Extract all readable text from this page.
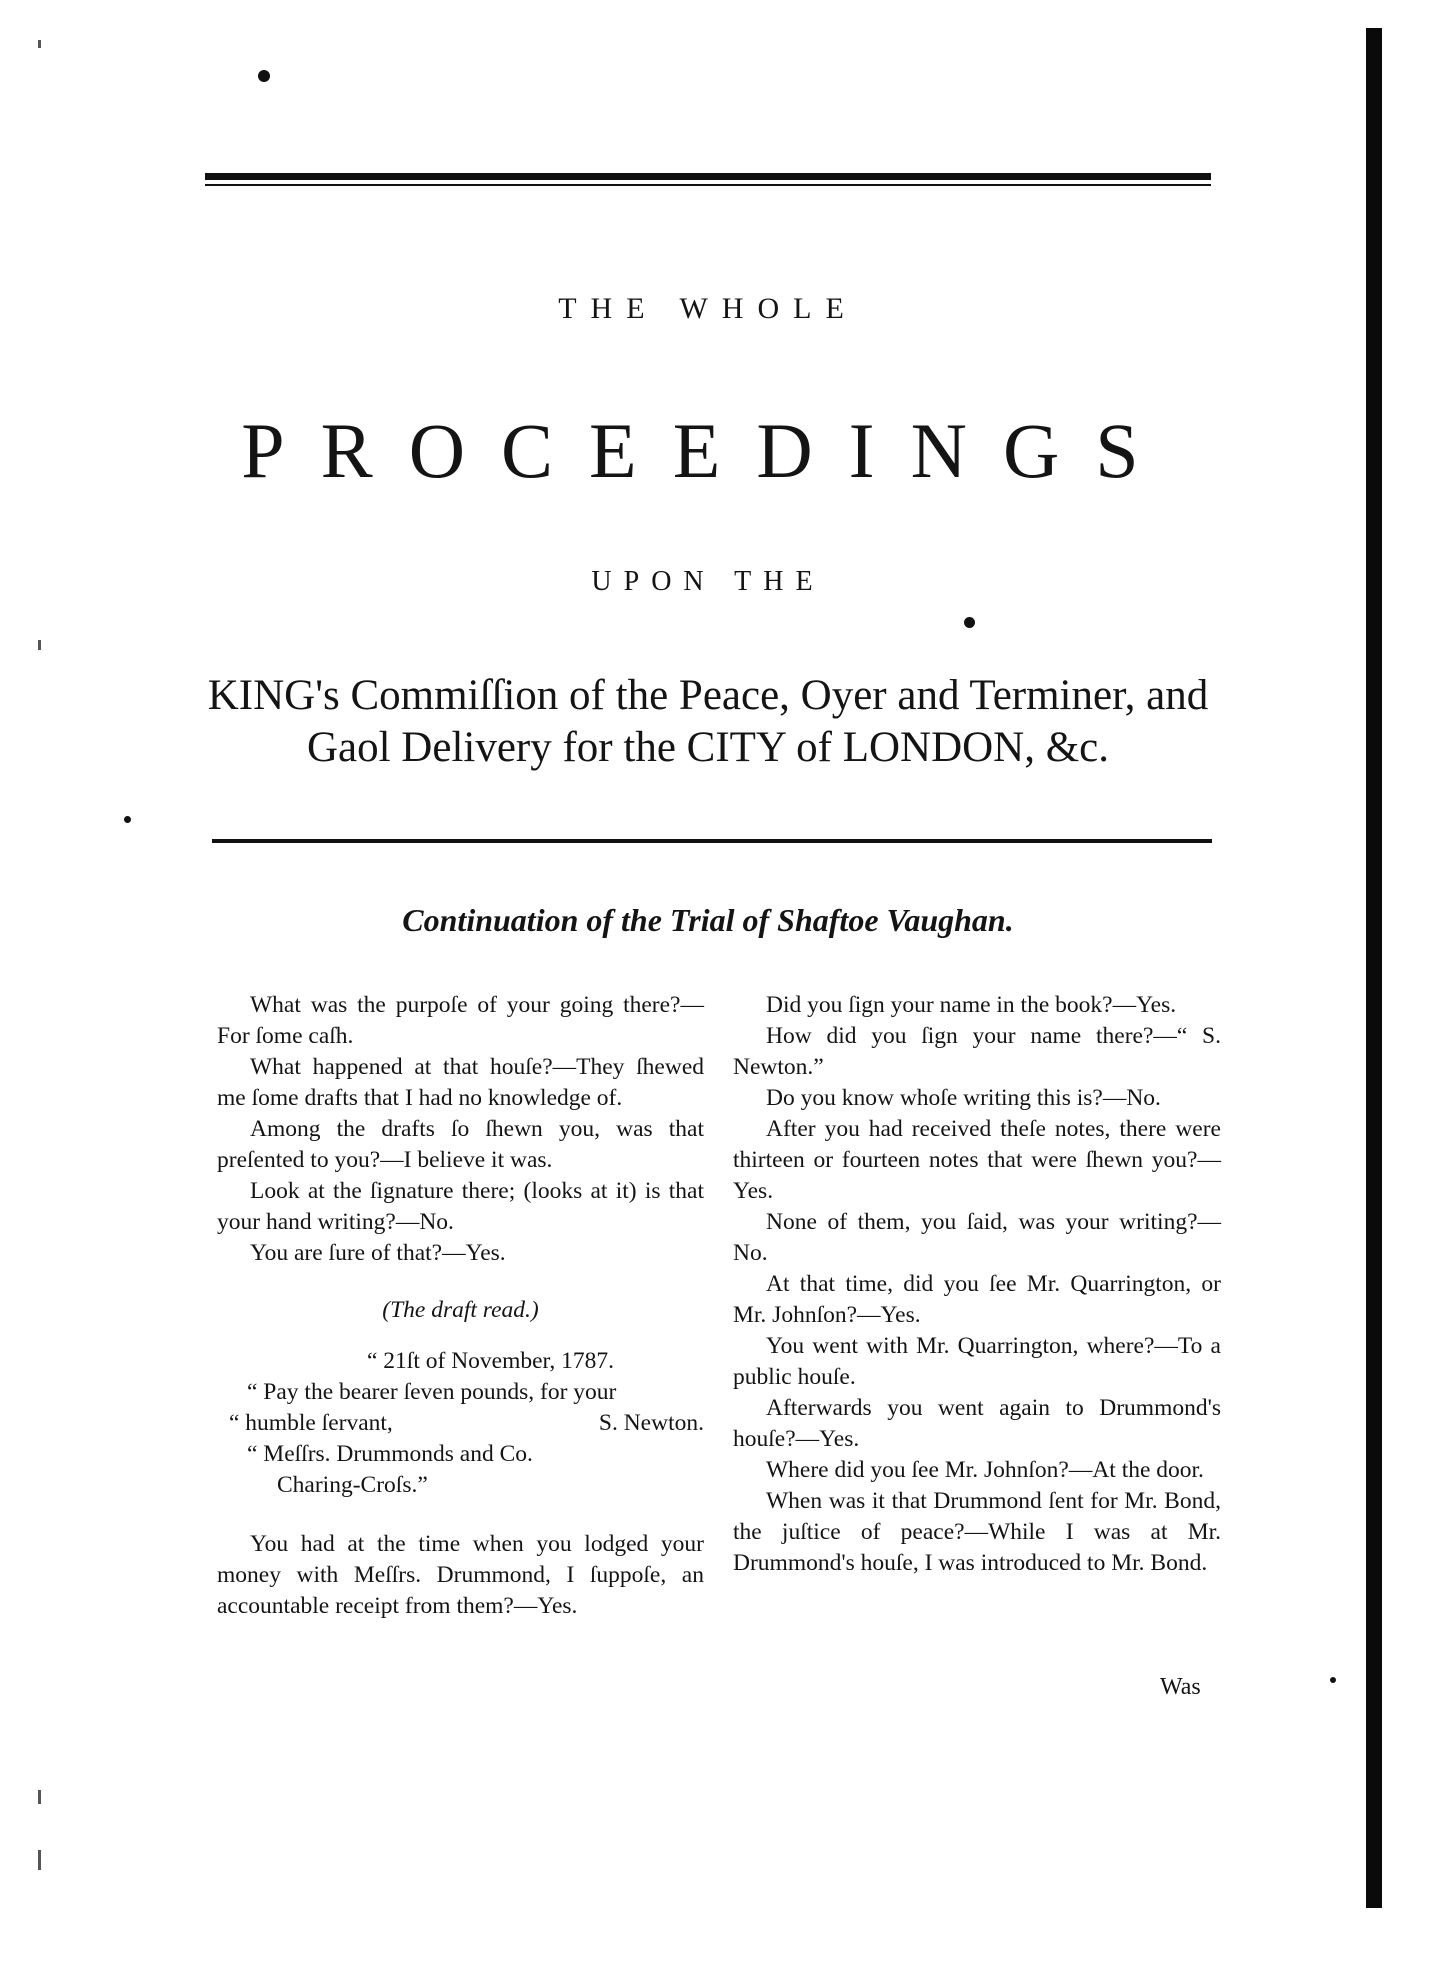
THE WHOLE
PROCEEDINGS
UPON THE
KING's Commiſſion of the Peace, Oyer and Terminer, and
Gaol Delivery for the CITY of LONDON, &c.
Continuation of the Trial of Shaftoe Vaughan.

What was the purpoſe of your going there?—For ſome caſh.

What happened at that houſe?—They ſhewed me ſome drafts that I had no knowledge of.

Among the drafts ſo ſhewn you, was that preſented to you?—I believe it was.

Look at the ſignature there; (looks at it) is that your hand writing?—No.

You are ſure of that?—Yes.

(The draft read.)

“ 21ſt of November, 1787.

“ Pay the bearer ſeven pounds, for your

“ humble ſervant,	S. Newton.

“ Meſſrs. Drummonds and Co.

Charing-Croſs.”

You had at the time when you lodged your money with Meſſrs. Drummond, I ſuppoſe, an accountable receipt from them?—Yes.

Did you ſign your name in the book?—Yes.

How did you ſign your name there?—“ S. Newton.”

Do you know whoſe writing this is?—No.

After you had received theſe notes, there were thirteen or fourteen notes that were ſhewn you?—Yes.

None of them, you ſaid, was your writing?—No.

At that time, did you ſee Mr. Quarrington, or Mr. Johnſon?—Yes.

You went with Mr. Quarrington, where?—To a public houſe.

Afterwards you went again to Drummond's houſe?—Yes.

Where did you ſee Mr. Johnſon?—At the door.

When was it that Drummond ſent for Mr. Bond, the juſtice of peace?—While I was at Mr. Drummond's houſe, I was introduced to Mr. Bond.

Was
